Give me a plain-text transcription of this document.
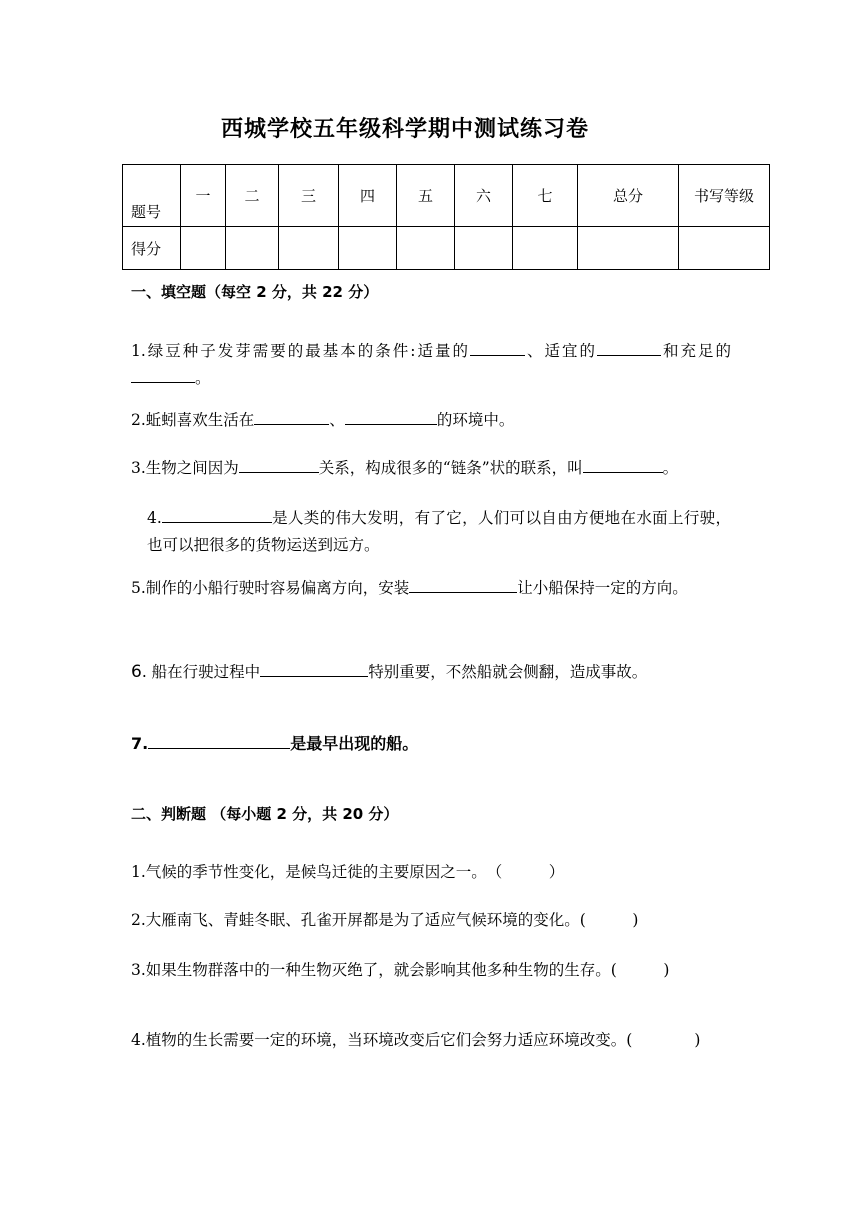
西城学校五年级科学期中测试练习卷
题号	一	二	三	四	五	六	七	总分	书写等级
得分									
一、填空题（每空 2 分，共 22 分）
1.绿豆种子发芽需要的最基本的条件:适量的	、适宜的	和充足的。
2.蚯蚓喜欢生活在	、	的环境中。
3.生物之间因为	关系，构成很多的“链条”状的联系，叫	。
4.	是人类的伟大发明，有了它，人们可以自由方便地在水面上行驶，也可以把很多的货物运送到远方。
5.制作的小船行驶时容易偏离方向，安装	让小船保持一定的方向。
6. 船在行驶过程中	特别重要，不然船就会侧翻，造成事故。
7.	是最早出现的船。
二、判断题 （每小题 2 分，共 20 分）
1.气候的季节性变化，是候鸟迁徙的主要原因之一。　（　　　）
2.大雁南飞、青蛙冬眠、孔雀开屏都是为了适应气候环境的变化。(　　　)
3.如果生物群落中的一种生物灭绝了，就会影响其他多种生物的生存。(　　　)
4.植物的生长需要一定的环境，当环境改变后它们会努力适应环境改变。(　　　　)
